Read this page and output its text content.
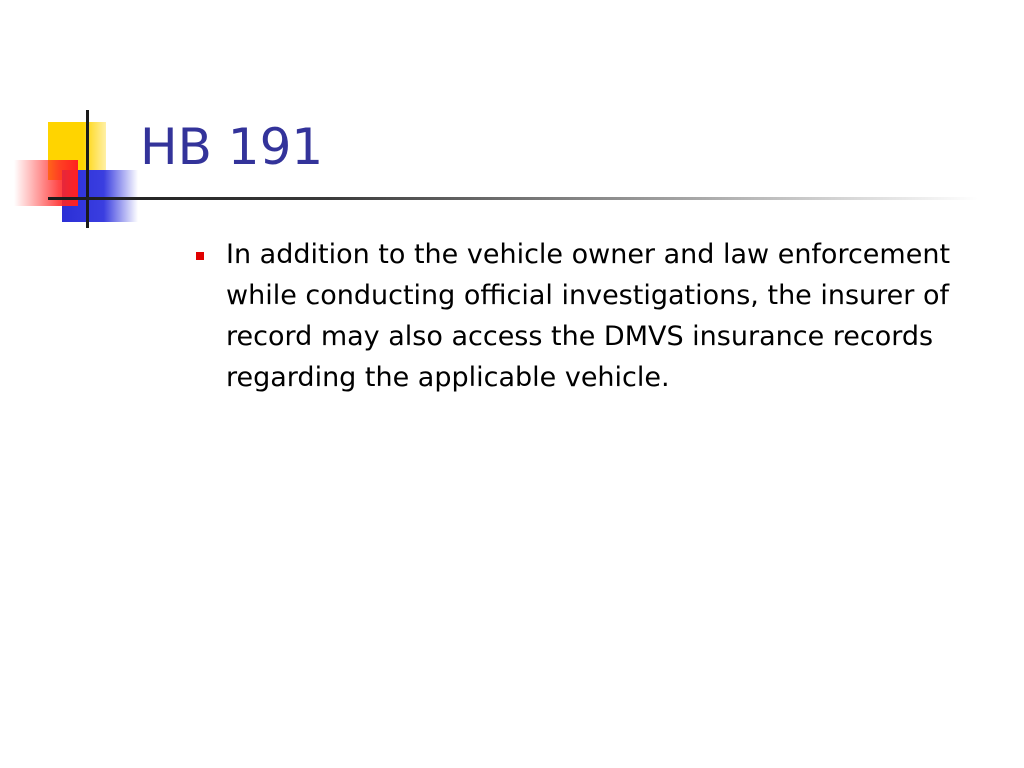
HB 191
In addition to the vehicle owner and law enforcement while conducting official investigations, the insurer of record may also access the DMVS insurance records regarding the applicable vehicle.
